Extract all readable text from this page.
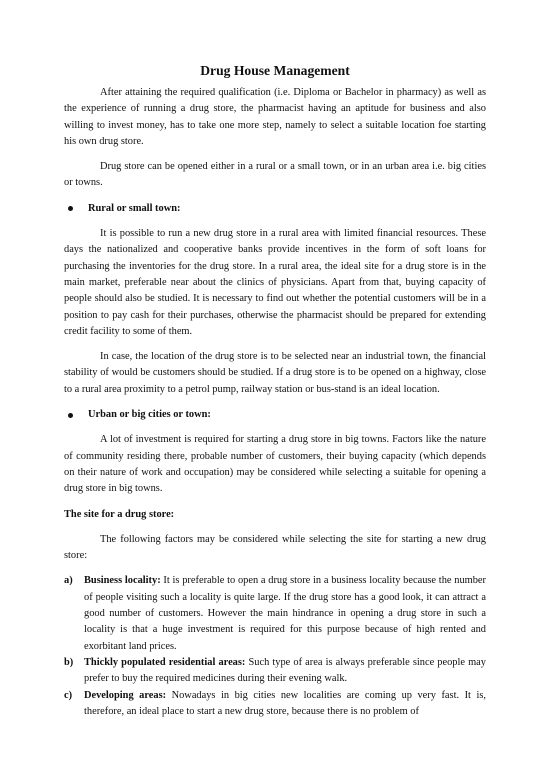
Drug House Management

After attaining the required qualification (i.e. Diploma or Bachelor in pharmacy) as well as the experience of running a drug store, the pharmacist having an aptitude for business and also willing to invest money, has to take one more step, namely to select a suitable location foe starting his own drug store.

Drug store can be opened either in a rural or a small town, or in an urban area i.e. big cities or towns.

Rural or small town:

It is possible to run a new drug store in a rural area with limited financial resources. These days the nationalized and cooperative banks provide incentives in the form of soft loans for purchasing the inventories for the drug store. In a rural area, the ideal site for a drug store is in the main market, preferable near about the clinics of physicians. Apart from that, buying capacity of people should also be studied. It is necessary to find out whether the potential customers will be in a position to pay cash for their purchases, otherwise the pharmacist should be prepared for extending credit facility to some of them.

In case, the location of the drug store is to be selected near an industrial town, the financial stability of would be customers should be studied. If a drug store is to be opened on a highway, close to a rural area proximity to a petrol pump, railway station or bus-stand is an ideal location.

Urban or big cities or town:

A lot of investment is required for starting a drug store in big towns. Factors like the nature of community residing there, probable number of customers, their buying capacity (which depends on their nature of work and occupation) may be considered while selecting a suitable for opening a drug store in big towns.

The site for a drug store:

The following factors may be considered while selecting the site for starting a new drug store:

a) Business locality: It is preferable to open a drug store in a business locality because the number of people visiting such a locality is quite large. If the drug store has a good look, it can attract a good number of customers. However the main hindrance in opening a drug store in such a locality is that a huge investment is required for this purpose because of high rented and exorbitant land prices.
b) Thickly populated residential areas: Such type of area is always preferable since people may prefer to buy the required medicines during their evening walk.
c) Developing areas: Nowadays in big cities new localities are coming up very fast. It is, therefore, an ideal place to start a new drug store, because there is no problem of
